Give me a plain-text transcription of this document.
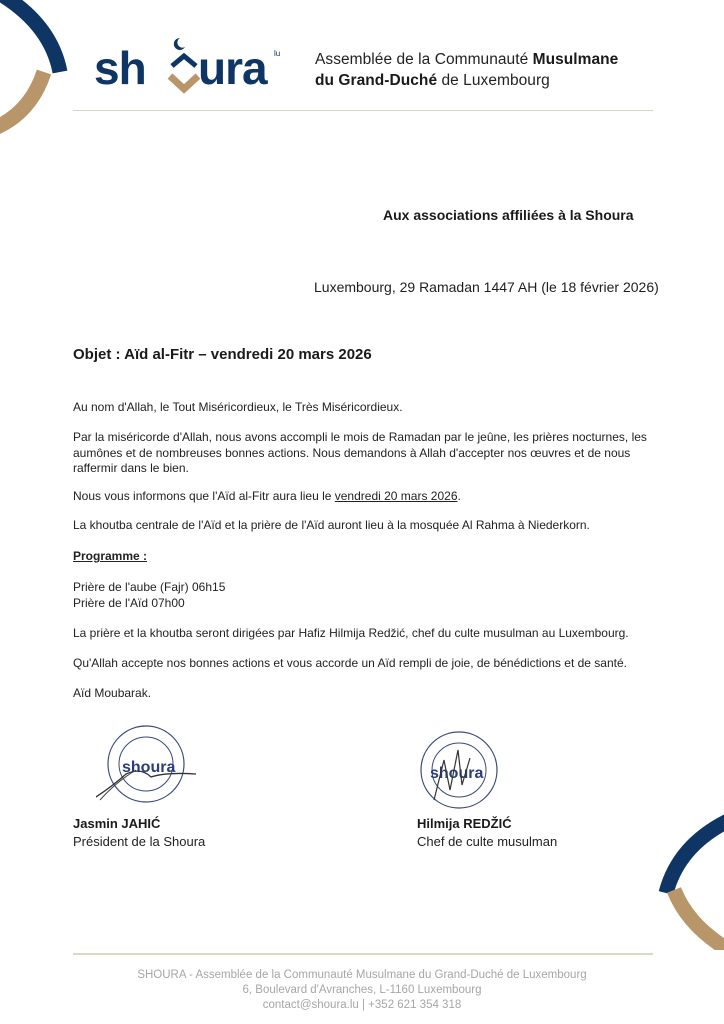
sh ura lu Assemblée de la Communauté Musulmane
du Grand-Duché de Luxembourg
Aux associations affiliées à la Shoura
Luxembourg, 29 Ramadan 1447 AH (le 18 février 2026)
Objet : Aïd al-Fitr – vendredi 20 mars 2026
Au nom d'Allah, le Tout Miséricordieux, le Très Miséricordieux.
Par la miséricorde d'Allah, nous avons accompli le mois de Ramadan par le jeûne, les prières nocturnes, les aumônes et de nombreuses bonnes actions. Nous demandons à Allah d'accepter nos œuvres et de nous raffermir dans le bien.
Nous vous informons que l'Aïd al-Fitr aura lieu le vendredi 20 mars 2026.
La khoutba centrale de l'Aïd et la prière de l'Aïd auront lieu à la mosquée Al Rahma à Niederkorn.
Programme :
Prière de l'aube (Fajr) 06h15
Prière de l'Aïd 07h00
La prière et la khoutba seront dirigées par Hafiz Hilmija Redžić, chef du culte musulman au Luxembourg.
Qu'Allah accepte nos bonnes actions et vous accorde un Aïd rempli de joie, de bénédictions et de santé.
Aïd Moubarak.
shoura	shoura
Jasmin JAHIĆ
Président de la Shoura
Hilmija REDŽIĆ
Chef de culte musulman
SHOURA - Assemblée de la Communauté Musulmane du Grand-Duché de Luxembourg
6, Boulevard d'Avranches, L-1160 Luxembourg
contact@shoura.lu | +352 621 354 318
